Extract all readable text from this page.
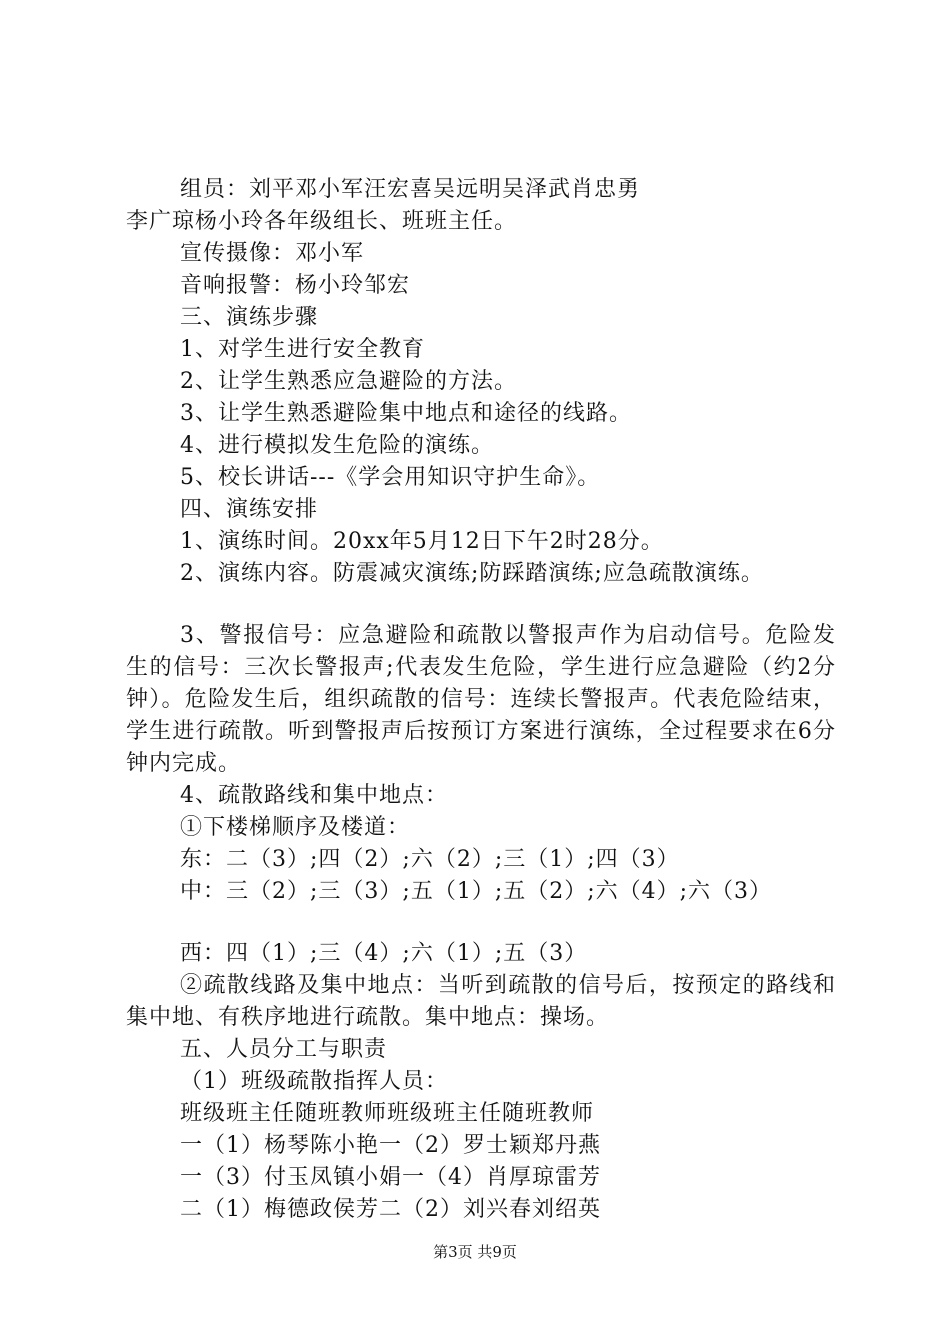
组员：刘平邓小军汪宏喜吴远明吴泽武肖忠勇
李广琼杨小玲各年级组长、班班主任。
宣传摄像：邓小军
音响报警：杨小玲邹宏
三、演练步骤
1、对学生进行安全教育
2、让学生熟悉应急避险的方法。
3、让学生熟悉避险集中地点和途径的线路。
4、进行模拟发生危险的演练。
5、校长讲话---《学会用知识守护生命》。
四、演练安排
1、演练时间。20xx年5月12日下午2时28分。
2、演练内容。防震减灾演练;防踩踏演练;应急疏散演练。
3、警报信号：应急避险和疏散以警报声作为启动信号。危险发生的信号：三次长警报声;代表发生危险，学生进行应急避险（约2分钟）。危险发生后，组织疏散的信号：连续长警报声。代表危险结束，学生进行疏散。听到警报声后按预订方案进行演练，全过程要求在6分钟内完成。
4、疏散路线和集中地点：
①下楼梯顺序及楼道：
东：二（3）;四（2）;六（2）;三（1）;四（3）
中：三（2）;三（3）;五（1）;五（2）;六（4）;六（3）
西：四（1）;三（4）;六（1）;五（3）
②疏散线路及集中地点：当听到疏散的信号后，按预定的路线和集中地、有秩序地进行疏散。集中地点：操场。
五、人员分工与职责
（1）班级疏散指挥人员：
班级班主任随班教师班级班主任随班教师
一（1）杨琴陈小艳一（2）罗士颖郑丹燕
一（3）付玉凤镇小娟一（4）肖厚琼雷芳
二（1）梅德政侯芳二（2）刘兴春刘绍英
第3页 共9页
